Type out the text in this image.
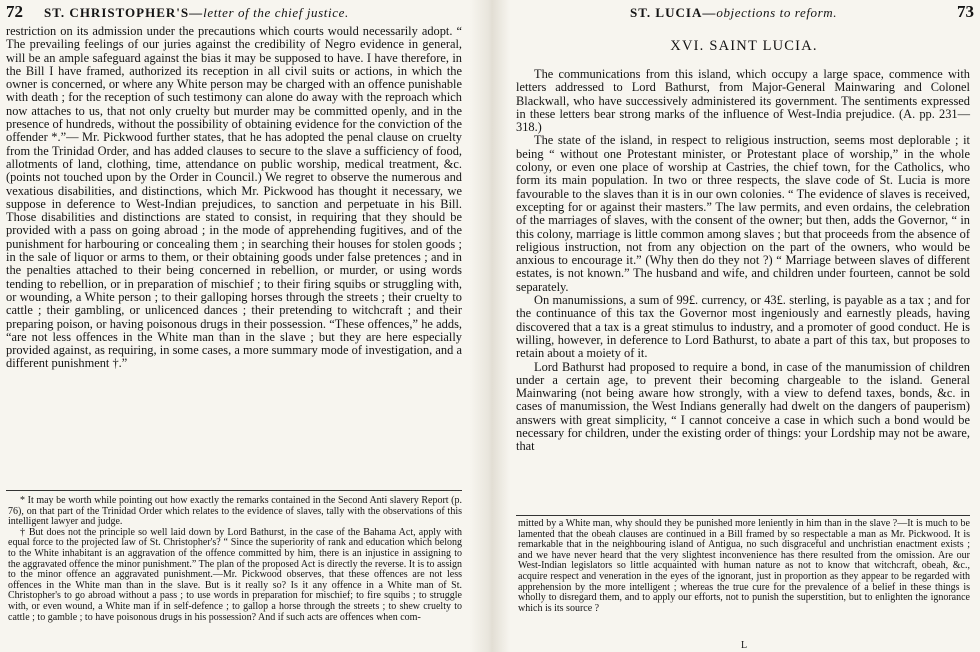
72 ST. CHRISTOPHER'S—letter of the chief justice.

restriction on its admission under the precautions which courts would necessarily adopt. “ The prevailing feelings of our juries against the credibility of Negro evidence in general, will be an ample safeguard against the bias it may be supposed to have. I have therefore, in the Bill I have framed, authorized its reception in all civil suits or actions, in which the owner is concerned, or where any White person may be charged with an offence punishable with death ; for the reception of such testimony can alone do away with the reproach which now attaches to us, that not only cruelty but murder may be committed openly, and in the presence of hundreds, without the possibility of obtaining evidence for the conviction of the offender *.”— Mr. Pickwood further states, that he has adopted the penal clause on cruelty from the Trinidad Order, and has added clauses to secure to the slave a sufficiency of food, allotments of land, clothing, time, attendance on public worship, medical treatment, &c. (points not touched upon by the Order in Council.) We regret to observe the numerous and vexatious disabilities, and distinctions, which Mr. Pickwood has thought it necessary, we suppose in deference to West-Indian prejudices, to sanction and perpetuate in his Bill. Those disabilities and distinctions are stated to consist, in requiring that they should be provided with a pass on going abroad ; in the mode of apprehending fugitives, and of the punishment for harbouring or concealing them ; in searching their houses for stolen goods ; in the sale of liquor or arms to them, or their obtaining goods under false pretences ; and in the penalties attached to their being concerned in rebellion, or murder, or using words tending to rebellion, or in preparation of mischief ; to their firing squibs or struggling with, or wounding, a White person ; to their galloping horses through the streets ; their cruelty to cattle ; their gambling, or unlicenced dances ; their pretending to witchcraft ; and their preparing poison, or having poisonous drugs in their possession. “These offences,” he adds, “are not less offences in the White man than in the slave ; but they are here especially provided against, as requiring, in some cases, a more summary mode of investigation, and a different punishment †.”

* It may be worth while pointing out how exactly the remarks contained in the Second Anti slavery Report (p. 76), on that part of the Trinidad Order which relates to the evidence of slaves, tally with the observations of this intelligent lawyer and judge.

† But does not the principle so well laid down by Lord Bathurst, in the case of the Bahama Act, apply with equal force to the projected law of St. Christopher's? “ Since the superiority of rank and education which belong to the White inhabitant is an aggravation of the offence committed by him, there is an injustice in assigning to the aggravated offence the minor punishment.” The plan of the proposed Act is directly the reverse. It is to assign to the minor offence an aggravated punishment.—Mr. Pickwood observes, that these offences are not less offences in the White man than in the slave. But is it really so? Is it any offence in a White man of St. Christopher's to go abroad without a pass ; to use words in preparation for mischief; to fire squibs ; to struggle with, or even wound, a White man if in self-defence ; to gallop a horse through the streets ; to shew cruelty to cattle ; to gamble ; to have poisonous drugs in his possession? And if such acts are offences when com-

ST. LUCIA—objections to reform.	73
XVI. SAINT LUCIA.

The communications from this island, which occupy a large space, commence with letters addressed to Lord Bathurst, from Major-General Mainwaring and Colonel Blackwall, who have successively administered its government. The sentiments expressed in these letters bear strong marks of the influence of West-India prejudice. (A. pp. 231—318.)

The state of the island, in respect to religious instruction, seems most deplorable ; it being “ without one Protestant minister, or Protestant place of worship,” in the whole colony, or even one place of worship at Castries, the chief town, for the Catholics, who form its main population. In two or three respects, the slave code of St. Lucia is more favourable to the slaves than it is in our own colonies. “ The evidence of slaves is received, excepting for or against their masters.” The law permits, and even ordains, the celebration of the marriages of slaves, with the consent of the owner; but then, adds the Governor, “ in this colony, marriage is little common among slaves ; but that proceeds from the absence of religious instruction, not from any objection on the part of the owners, who would be anxious to encourage it.” (Why then do they not ?) “ Marriage between slaves of different estates, is not known.” The husband and wife, and children under fourteen, cannot be sold separately.

On manumissions, a sum of 99£. currency, or 43£. sterling, is payable as a tax ; and for the continuance of this tax the Governor most ingeniously and earnestly pleads, having discovered that a tax is a great stimulus to industry, and a promoter of good conduct. He is willing, however, in deference to Lord Bathurst, to abate a part of this tax, but proposes to retain about a moiety of it.

Lord Bathurst had proposed to require a bond, in case of the manumission of children under a certain age, to prevent their becoming chargeable to the island. General Mainwaring (not being aware how strongly, with a view to defend taxes, bonds, &c. in cases of manumission, the West Indians generally had dwelt on the dangers of pauperism) answers with great simplicity, “ I cannot conceive a case in which such a bond would be necessary for children, under the existing order of things: your Lordship may not be aware, that

mitted by a White man, why should they be punished more leniently in him than in the slave ?—It is much to be lamented that the obeah clauses are continued in a Bill framed by so respectable a man as Mr. Pickwood. It is remarkable that in the neighbouring island of Antigua, no such disgraceful and unchristian enactment exists ; and we have never heard that the very slightest inconvenience has there resulted from the omission. Are our West-Indian legislators so little acquainted with human nature as not to know that witchcraft, obeah, &c., acquire respect and veneration in the eyes of the ignorant, just in proportion as they appear to be regarded with apprehension by the more intelligent ; whereas the true cure for the prevalence of a belief in these things is wholly to disregard them, and to apply our efforts, not to punish the superstition, but to enlighten the ignorance which is its source ?

L
